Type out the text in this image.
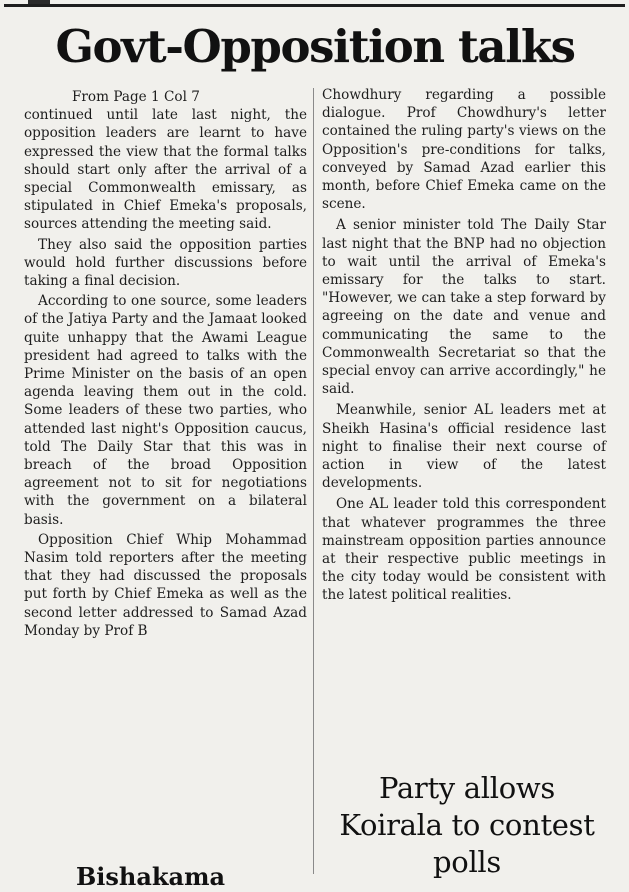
Govt-Opposition talks

From Page 1 Col 7

continued until late last night, the opposition leaders are learnt to have expressed the view that the formal talks should start only after the arrival of a special Commonwealth emissary, as stipulated in Chief Emeka's proposals, sources attending the meeting said.

They also said the opposition parties would hold further discussions before taking a final decision.

According to one source, some leaders of the Jatiya Party and the Jamaat looked quite unhappy that the Awami League president had agreed to talks with the Prime Minister on the basis of an open agenda leaving them out in the cold. Some leaders of these two parties, who attended last night's Opposition caucus, told The Daily Star that this was in breach of the broad Opposition agreement not to sit for negotiations with the government on a bilateral basis.

Opposition Chief Whip Mohammad Nasim told reporters after the meeting that they had discussed the proposals put forth by Chief Emeka as well as the second letter addressed to Samad Azad Monday by Prof B

Chowdhury regarding a possible dialogue. Prof Chowdhury's letter contained the ruling party's views on the Opposition's pre-conditions for talks, conveyed by Samad Azad earlier this month, before Chief Emeka came on the scene.

A senior minister told The Daily Star last night that the BNP had no objection to wait until the arrival of Emeka's emissary for the talks to start. "However, we can take a step forward by agreeing on the date and venue and communicating the same to the Commonwealth Secretariat so that the special envoy can arrive accordingly," he said.

Meanwhile, senior AL leaders met at Sheikh Hasina's official residence last night to finalise their next course of action in view of the latest developments.

One AL leader told this correspondent that whatever programmes the three mainstream opposition parties announce at their respective public meetings in the city today would be consistent with the latest political realities.

Party allows Koirala to contest polls
Bishakama
